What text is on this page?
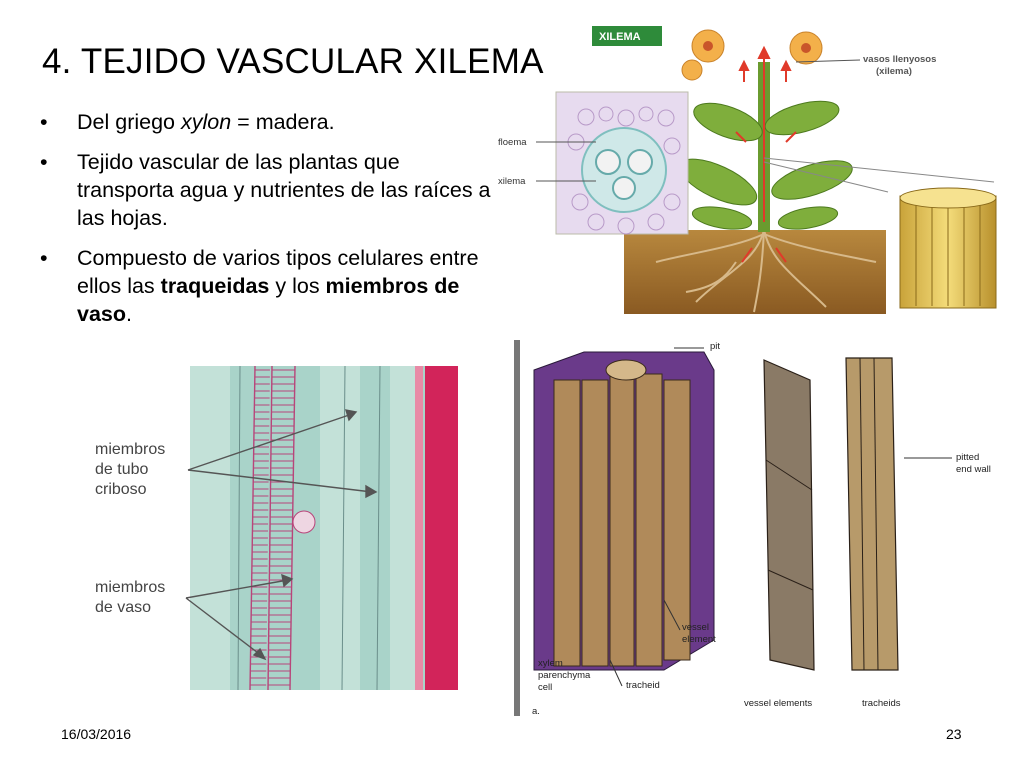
4. TEJIDO VASCULAR XILEMA
• Del griego xylon = madera.
• Tejido vascular de las plantas que transporta agua y nutrientes de las raíces a las hojas.
• Compuesto de varios tipos celulares entre ellos las traqueidas y los miembros de vaso.
XILEMA
floema
xilema
vasos llenyosos
(xilema)
miembros
de tubo
criboso
miembros
de vaso
pit
pitted
end wall
vessel
element
xylem
parenchyma
cell	tracheid
a.
vessel elements	tracheids
16/03/2016	23
